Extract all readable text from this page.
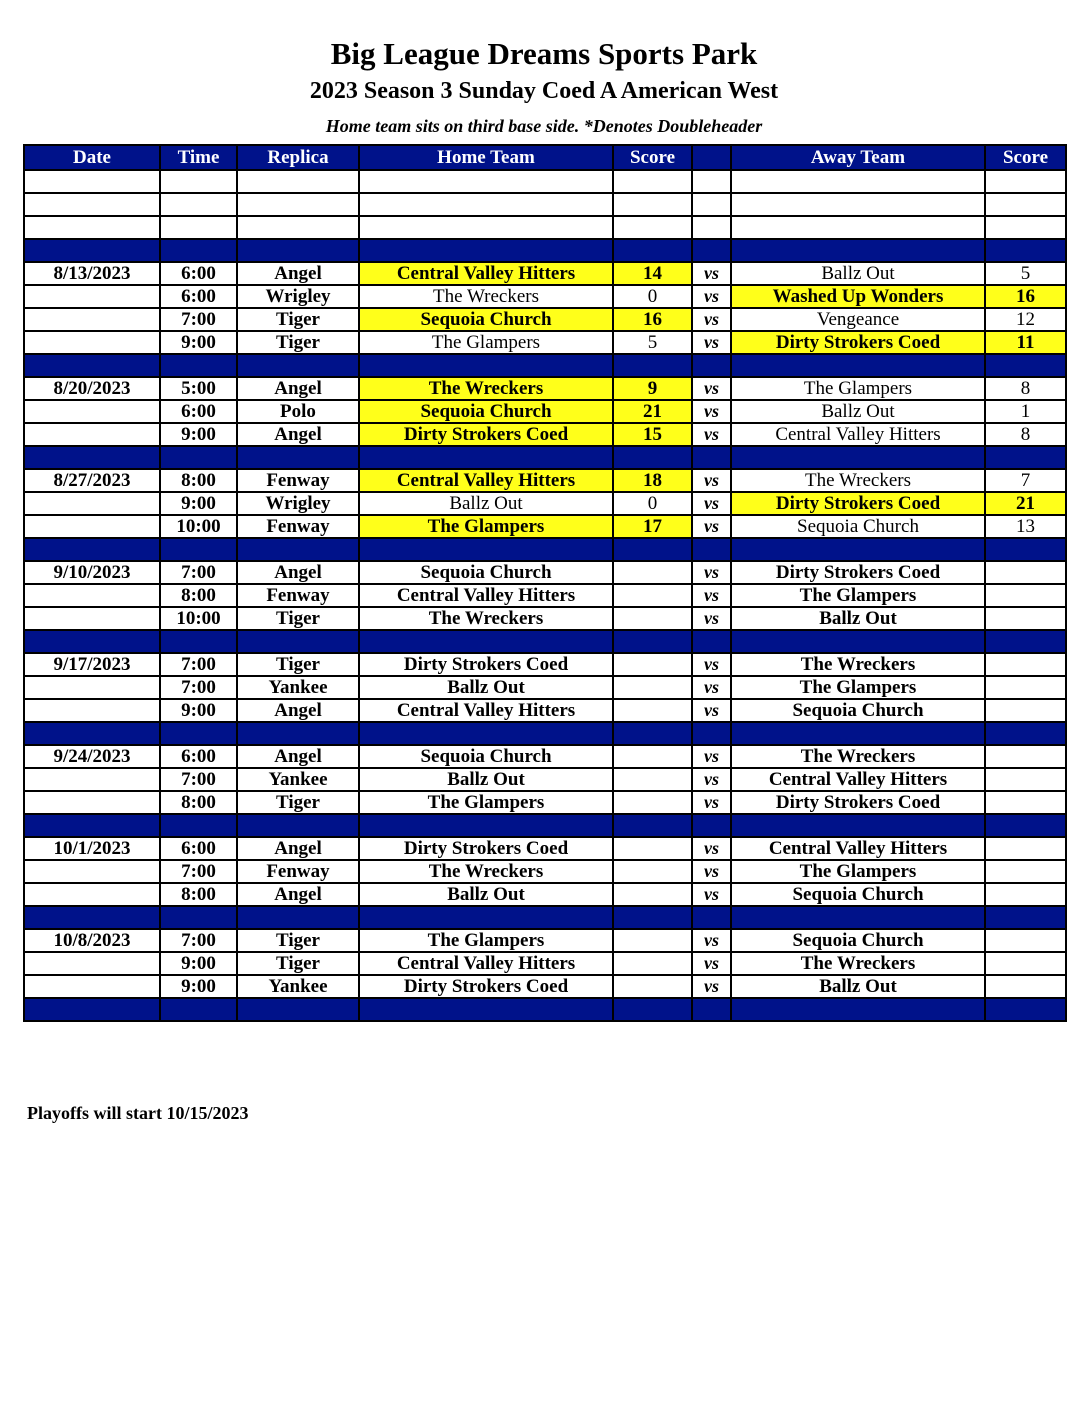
Big League Dreams Sports Park
2023 Season 3 Sunday Coed A American West
Home team sits on third base side. *Denotes Doubleheader
Date	Time	Replica	Home Team	Score		Away Team	Score

8/13/2023	6:00	Angel	Central Valley Hitters	14	vs	Ballz Out	5
	6:00	Wrigley	The Wreckers	0	vs	Washed Up Wonders	16
	7:00	Tiger	Sequoia Church	16	vs	Vengeance	12
	9:00	Tiger	The Glampers	5	vs	Dirty Strokers Coed	11

8/20/2023	5:00	Angel	The Wreckers	9	vs	The Glampers	8
	6:00	Polo	Sequoia Church	21	vs	Ballz Out	1
	9:00	Angel	Dirty Strokers Coed	15	vs	Central Valley Hitters	8

8/27/2023	8:00	Fenway	Central Valley Hitters	18	vs	The Wreckers	7
	9:00	Wrigley	Ballz Out	0	vs	Dirty Strokers Coed	21
	10:00	Fenway	The Glampers	17	vs	Sequoia Church	13

9/10/2023	7:00	Angel	Sequoia Church		vs	Dirty Strokers Coed	
	8:00	Fenway	Central Valley Hitters		vs	The Glampers	
	10:00	Tiger	The Wreckers		vs	Ballz Out	

9/17/2023	7:00	Tiger	Dirty Strokers Coed		vs	The Wreckers	
	7:00	Yankee	Ballz Out		vs	The Glampers	
	9:00	Angel	Central Valley Hitters		vs	Sequoia Church	

9/24/2023	6:00	Angel	Sequoia Church		vs	The Wreckers	
	7:00	Yankee	Ballz Out		vs	Central Valley Hitters	
	8:00	Tiger	The Glampers		vs	Dirty Strokers Coed	

10/1/2023	6:00	Angel	Dirty Strokers Coed		vs	Central Valley Hitters	
	7:00	Fenway	The Wreckers		vs	The Glampers	
	8:00	Angel	Ballz Out		vs	Sequoia Church	

10/8/2023	7:00	Tiger	The Glampers		vs	Sequoia Church	
	9:00	Tiger	Central Valley Hitters		vs	The Wreckers	
	9:00	Yankee	Dirty Strokers Coed		vs	Ballz Out	

Playoffs will start 10/15/2023
